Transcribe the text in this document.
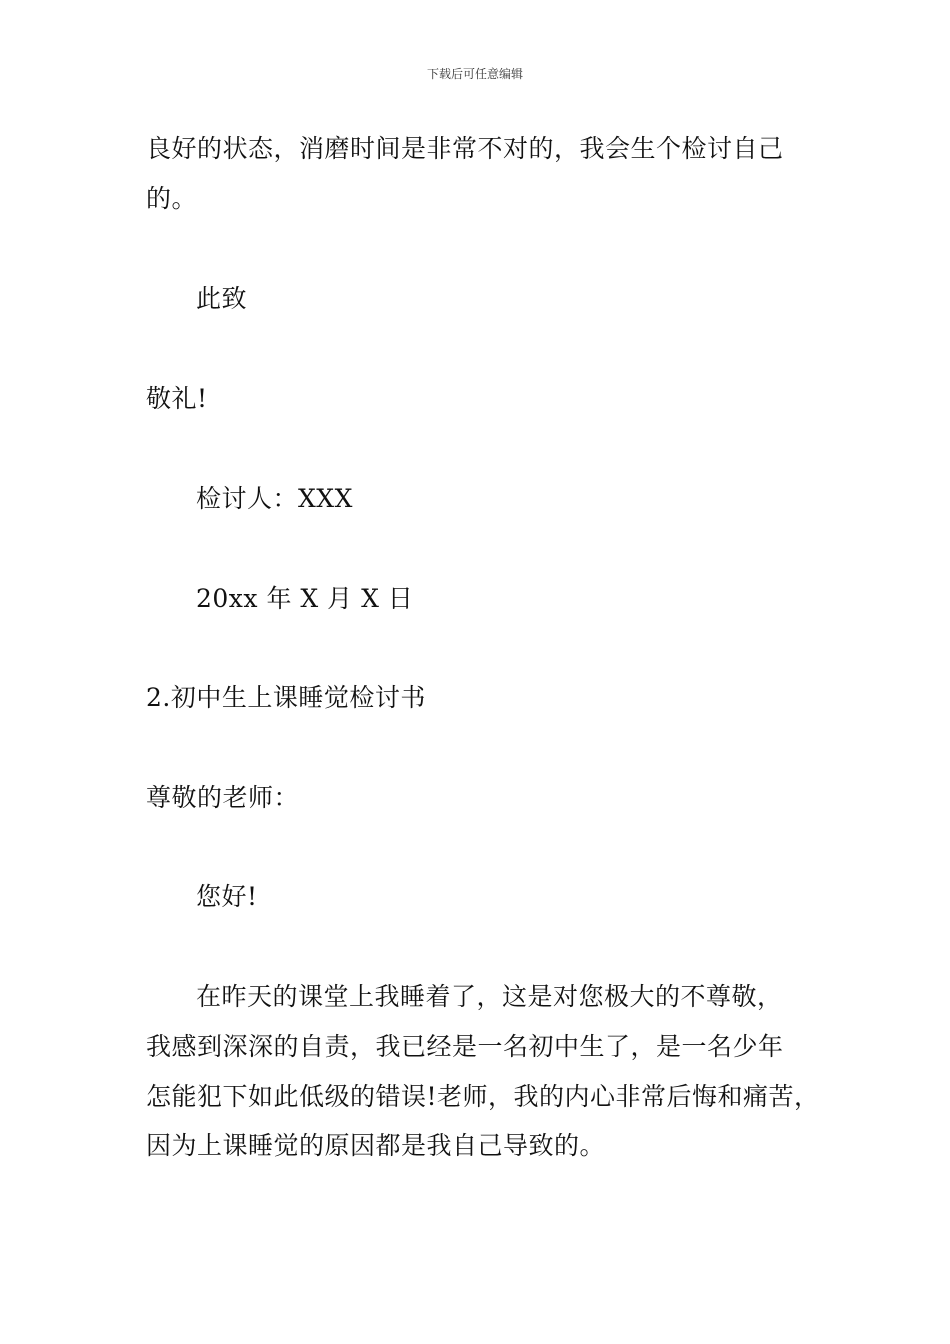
下载后可任意编辑
良好的状态，消磨时间是非常不对的，我会生个检讨自己
的。
此致
敬礼!
检讨人：XXX
20xx 年 X 月 X 日
2.初中生上课睡觉检讨书
尊敬的老师：
您好!
在昨天的课堂上我睡着了，这是对您极大的不尊敬，
我感到深深的自责，我已经是一名初中生了，是一名少年
怎能犯下如此低级的错误!老师，我的内心非常后悔和痛苦，
因为上课睡觉的原因都是我自己导致的。
